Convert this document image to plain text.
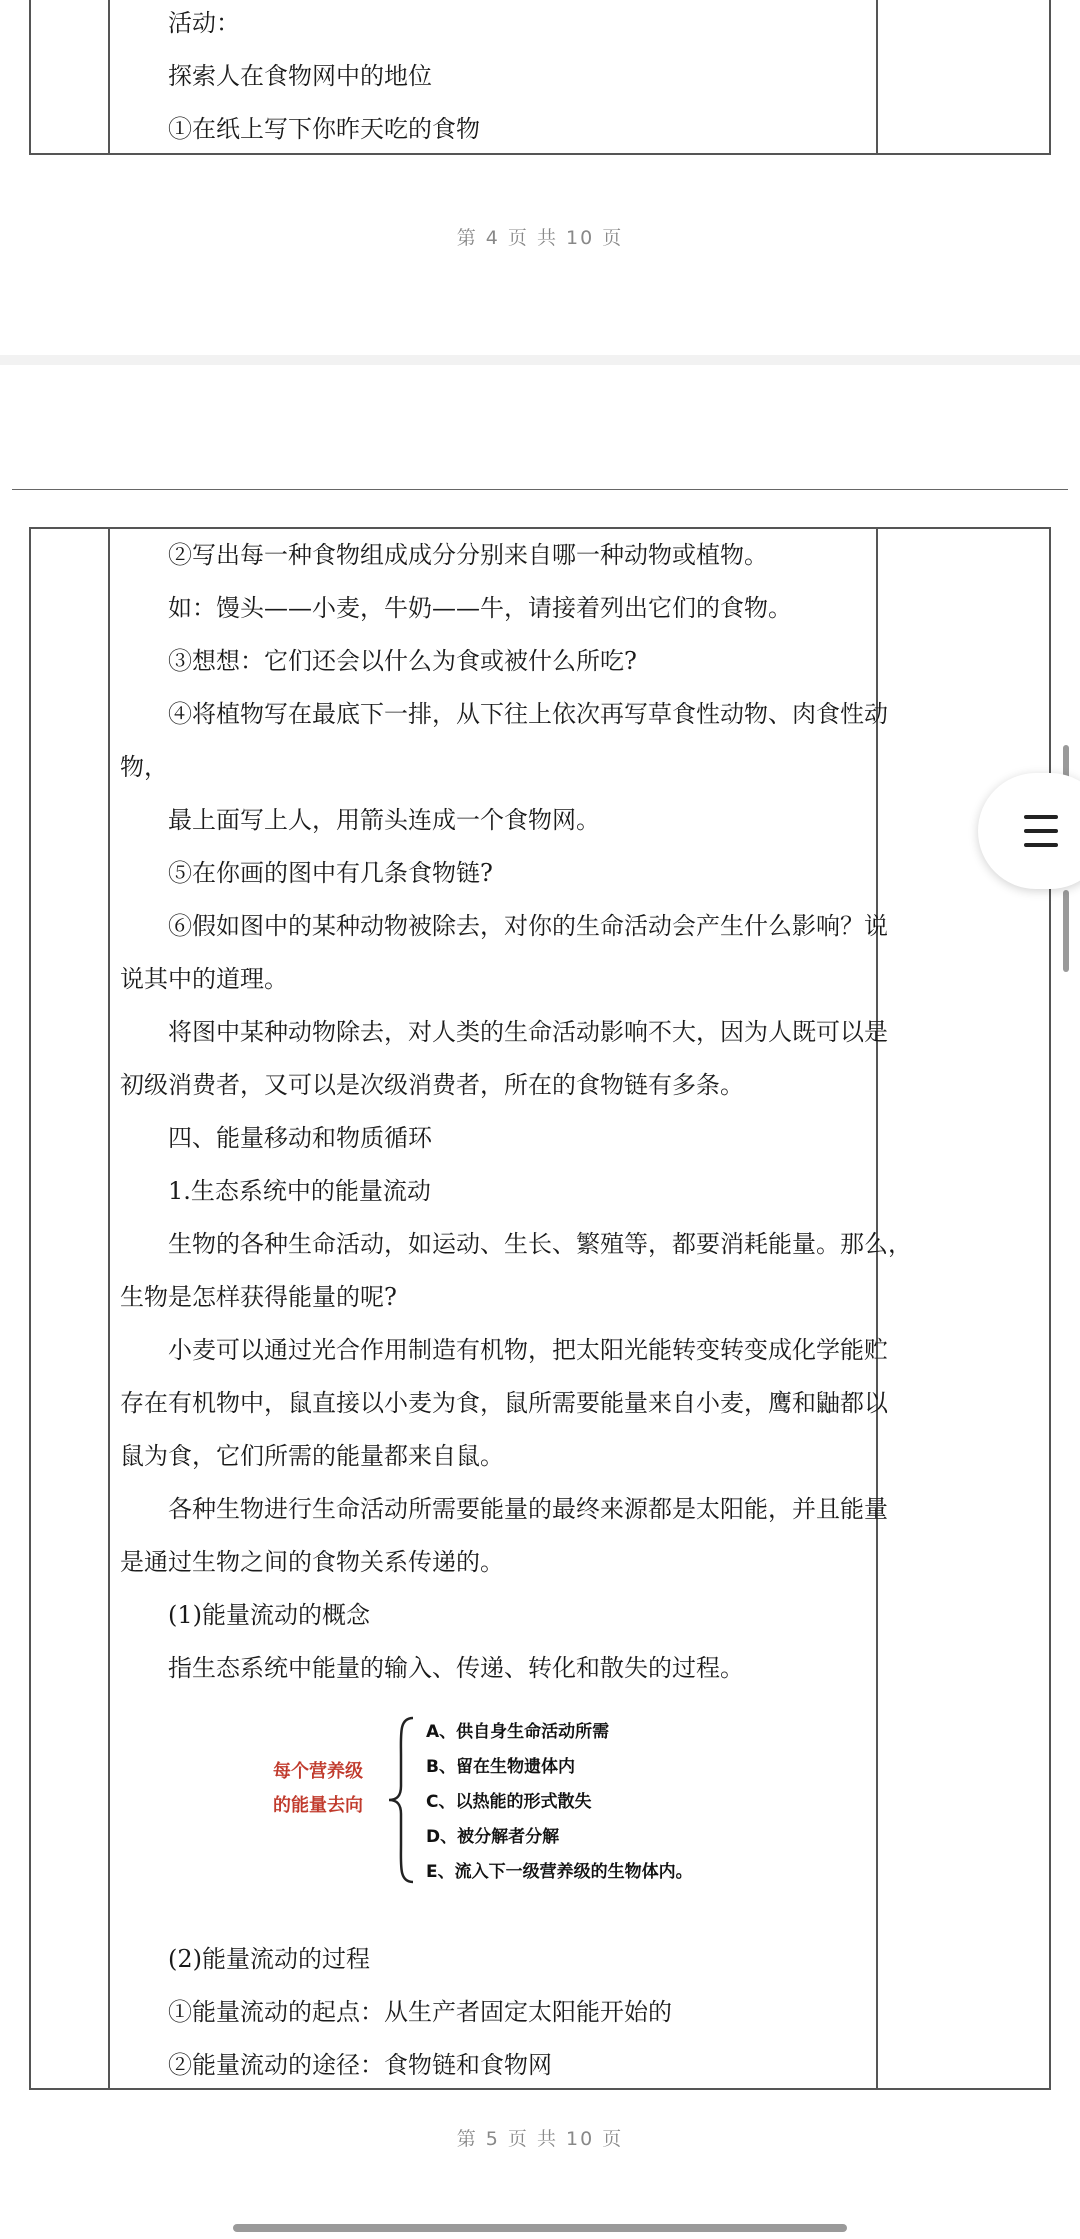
活动：
探索人在食物网中的地位
①在纸上写下你昨天吃的食物
第 4 页 共 10 页
②写出每一种食物组成成分分别来自哪一种动物或植物。
如：馒头——小麦，牛奶——牛，请接着列出它们的食物。
③想想：它们还会以什么为食或被什么所吃?
④将植物写在最底下一排，从下往上依次再写草食性动物、肉食性动
物，
最上面写上人，用箭头连成一个食物网。
⑤在你画的图中有几条食物链?
⑥假如图中的某种动物被除去，对你的生命活动会产生什么影响？说
说其中的道理。
将图中某种动物除去，对人类的生命活动影响不大，因为人既可以是
初级消费者，又可以是次级消费者，所在的食物链有多条。
四、能量移动和物质循环
1.生态系统中的能量流动
生物的各种生命活动，如运动、生长、繁殖等，都要消耗能量。那么，
生物是怎样获得能量的呢?
小麦可以通过光合作用制造有机物，把太阳光能转变转变成化学能贮
存在有机物中，鼠直接以小麦为食，鼠所需要能量来自小麦，鹰和鼬都以
鼠为食，它们所需的能量都来自鼠。
各种生物进行生命活动所需要能量的最终来源都是太阳能，并且能量
是通过生物之间的食物关系传递的。
(1)能量流动的概念
指生态系统中能量的输入、传递、转化和散失的过程。
每个营养级
的能量去向
A、供自身生命活动所需
B、留在生物遗体内
C、以热能的形式散失
D、被分解者分解
E、流入下一级营养级的生物体内。
(2)能量流动的过程
①能量流动的起点：从生产者固定太阳能开始的
②能量流动的途径：食物链和食物网
第 5 页 共 10 页
